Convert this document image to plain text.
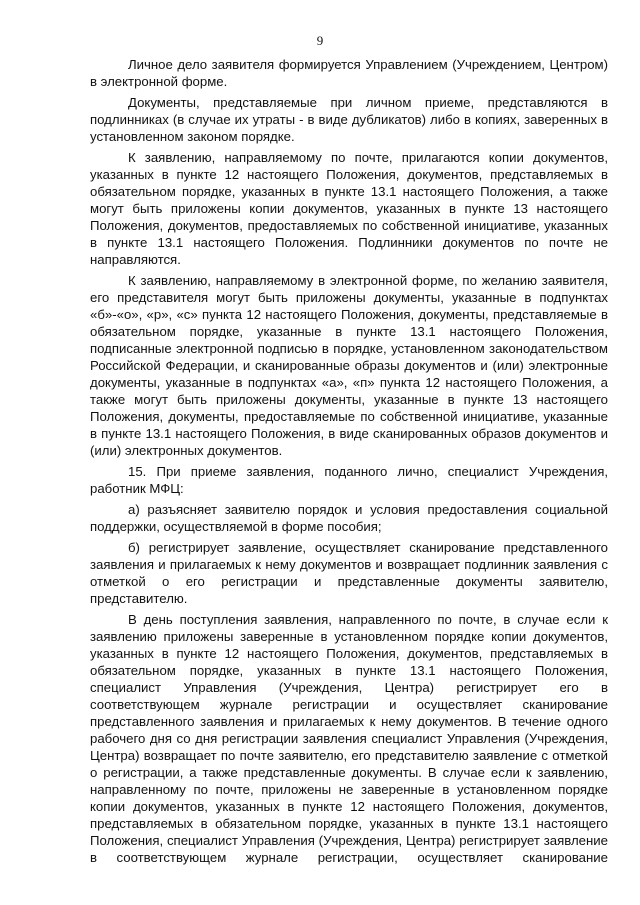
9

Личное дело заявителя формируется Управлением (Учреждением, Центром) в электронной форме.

Документы, представляемые при личном приеме, представляются в подлинниках (в случае их утраты - в виде дубликатов) либо в копиях, заверенных в установленном законом порядке.

К заявлению, направляемому по почте, прилагаются копии документов, указанных в пункте 12 настоящего Положения, документов, представляемых в обязательном порядке, указанных в пункте 13.1 настоящего Положения, а также могут быть приложены копии документов, указанных в пункте 13 настоящего Положения, документов, предоставляемых по собственной инициативе, указанных в пункте 13.1 настоящего Положения. Подлинники документов по почте не направляются.

К заявлению, направляемому в электронной форме, по желанию заявителя, его представителя могут быть приложены документы, указанные в подпунктах «б»-«о», «р», «с» пункта 12 настоящего Положения, документы, представляемые в обязательном порядке, указанные в пункте 13.1 настоящего Положения, подписанные электронной подписью в порядке, установленном законодательством Российской Федерации, и сканированные образы документов и (или) электронные документы, указанные в подпунктах «а», «п» пункта 12 настоящего Положения, а также могут быть приложены документы, указанные в пункте 13 настоящего Положения, документы, предоставляемые по собственной инициативе, указанные в пункте 13.1 настоящего Положения, в виде сканированных образов документов и (или) электронных документов.

15. При приеме заявления, поданного лично, специалист Учреждения, работник МФЦ:

а) разъясняет заявителю порядок и условия предоставления социальной поддержки, осуществляемой в форме пособия;

б) регистрирует заявление, осуществляет сканирование представленного заявления и прилагаемых к нему документов и возвращает подлинник заявления с отметкой о его регистрации и представленные документы заявителю, представителю.

В день поступления заявления, направленного по почте, в случае если к заявлению приложены заверенные в установленном порядке копии документов, указанных в пункте 12 настоящего Положения, документов, представляемых в обязательном порядке, указанных в пункте 13.1 настоящего Положения, специалист Управления (Учреждения, Центра) регистрирует его в соответствующем журнале регистрации и осуществляет сканирование представленного заявления и прилагаемых к нему документов. В течение одного рабочего дня со дня регистрации заявления специалист Управления (Учреждения, Центра) возвращает по почте заявителю, его представителю заявление с отметкой о регистрации, а также представленные документы. В случае если к заявлению, направленному по почте, приложены не заверенные в установленном порядке копии документов, указанных в пункте 12 настоящего Положения, документов, представляемых в обязательном порядке, указанных в пункте 13.1 настоящего Положения, специалист Управления (Учреждения, Центра) регистрирует заявление в соответствующем журнале регистрации, осуществляет сканирование
